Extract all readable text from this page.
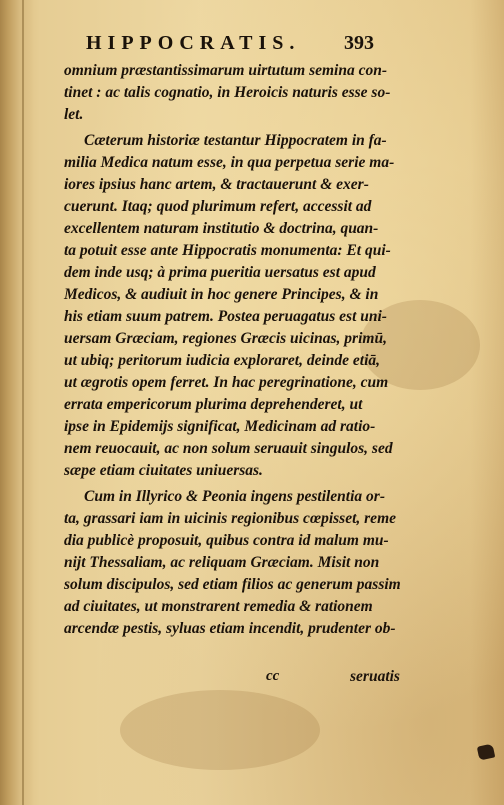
HIPPOCRATIS. 393
omnium præstantissimarum uirtutum semina con-
tinet : ac talis cognatio, in Heroicis naturis esse so-
let.
Cæterum historiæ testantur Hippocratem in fa-
milia Medica natum esse, in qua perpetua serie ma-
iores ipsius hanc artem, & tractauerunt & exer-
cuerunt. Itaq; quod plurimum refert, accessit ad
excellentem naturam institutio & doctrina, quan-
ta potuit esse ante Hippocratis monumenta: Et qui-
dem inde usq; à prima pueritia uersatus est apud
Medicos, & audiuit in hoc genere Principes, & in
his etiam suum patrem. Postea peruagatus est uni-
uersam Græciam, regiones Græcis uicinas, primū,
ut ubiq; peritorum iudicia exploraret, deinde etiā,
ut ægrotis opem ferret. In hac peregrinatione, cum
errata empericorum plurima deprehenderet, ut
ipse in Epidemijs significat, Medicinam ad ratio-
nem reuocauit, ac non solum seruauit singulos, sed
sæpe etiam ciuitates uniuersas.
Cum in Illyrico & Peonia ingens pestilentia or-
ta, grassari iam in uicinis regionibus cœpisset, reme
dia publicè proposuit, quibus contra id malum mu-
nijt Thessaliam, ac reliquam Græciam. Misit non
solum discipulos, sed etiam filios ac generum passim
ad ciuitates, ut monstrarent remedia & rationem
arcendæ pestis, syluas etiam incendit, prudenter ob-
cc	seruatis
